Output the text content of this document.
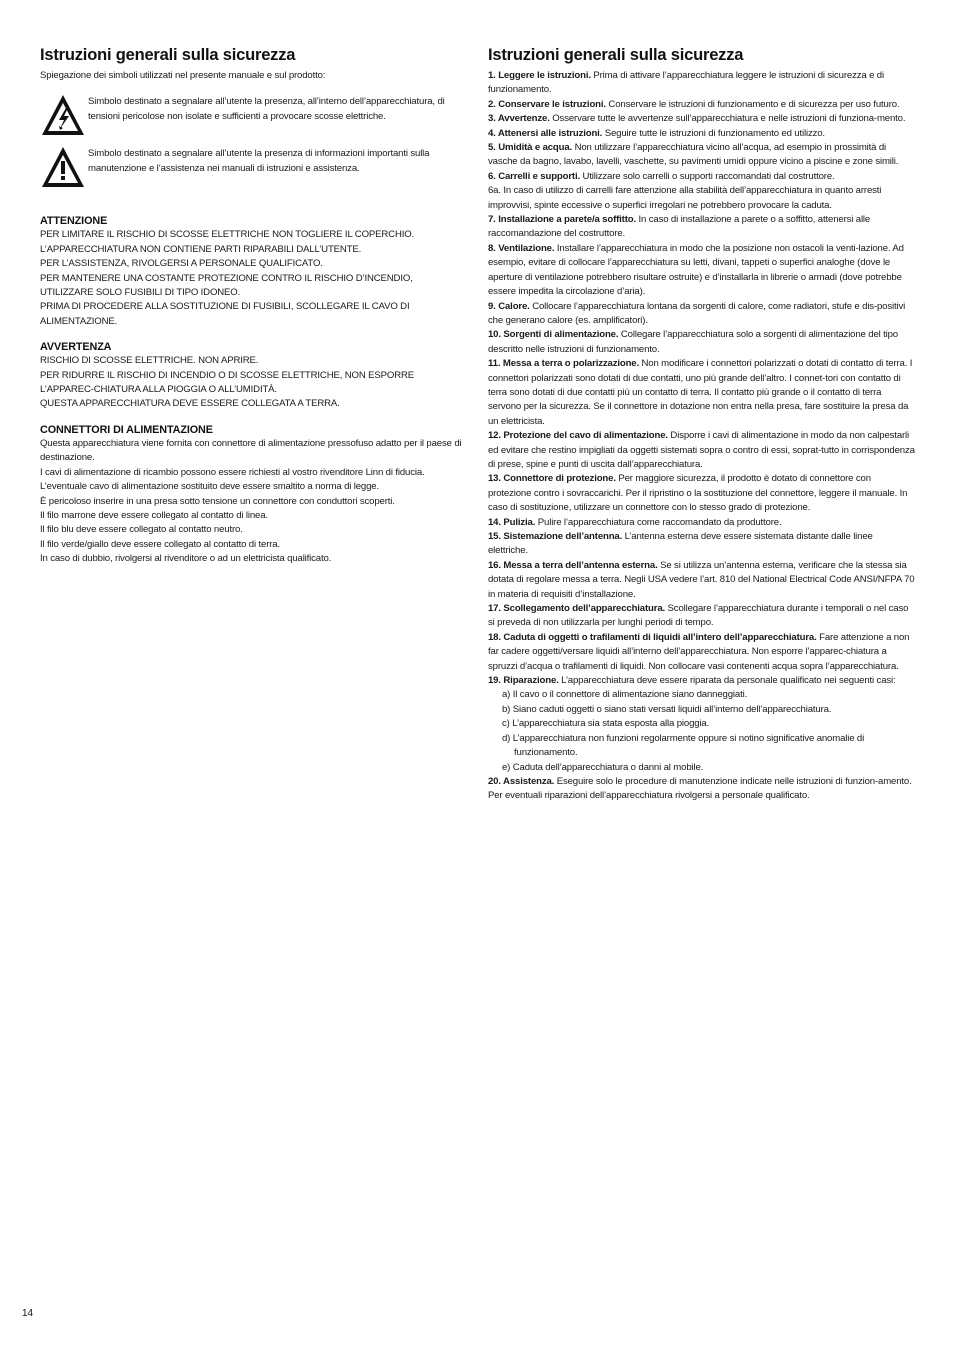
Istruzioni generali sulla sicurezza

Spiegazione dei simboli utilizzati nel presente manuale e sul prodotto:

Simbolo destinato a segnalare all’utente la presenza, all’interno dell’apparecchiatura, di tensioni pericolose non isolate e sufficienti a provocare scosse elettriche.

Simbolo destinato a segnalare all’utente la presenza di informazioni importanti sulla manutenzione e l’assistenza nei manuali di istruzioni e assistenza.

ATTENZIONE

PER LIMITARE IL RISCHIO DI SCOSSE ELETTRICHE NON TOGLIERE IL COPERCHIO.

L’APPARECCHIATURA NON CONTIENE PARTI RIPARABILI DALL’UTENTE.

PER L’ASSISTENZA, RIVOLGERSI A PERSONALE QUALIFICATO.

PER MANTENERE UNA COSTANTE PROTEZIONE CONTRO IL RISCHIO D’INCENDIO, UTILIZZARE SOLO FUSIBILI DI TIPO IDONEO.

PRIMA DI PROCEDERE ALLA SOSTITUZIONE DI FUSIBILI, SCOLLEGARE IL CAVO DI ALIMENTAZIONE.

AVVERTENZA

RISCHIO DI SCOSSE ELETTRICHE. NON APRIRE.

PER RIDURRE IL RISCHIO DI INCENDIO O DI SCOSSE ELETTRICHE, NON ESPORRE L’APPAREC-CHIATURA ALLA PIOGGIA O ALL’UMIDITÀ.

QUESTA APPARECCHIATURA DEVE ESSERE COLLEGATA A TERRA.

CONNETTORI DI ALIMENTAZIONE

Questa apparecchiatura viene fornita con connettore di alimentazione pressofuso adatto per il paese di destinazione.

I cavi di alimentazione di ricambio possono essere richiesti al vostro rivenditore Linn di fiducia.

L’eventuale cavo di alimentazione sostituito deve essere smaltito a norma di legge.

È pericoloso inserire in una presa sotto tensione un connettore con conduttori scoperti.

Il filo marrone deve essere collegato al contatto di linea.

Il filo blu deve essere collegato al contatto neutro.

Il filo verde/giallo deve essere collegato al contatto di terra.

In caso di dubbio, rivolgersi al rivenditore o ad un elettricista qualificato.

Istruzioni generali sulla sicurezza

1. Leggere le istruzioni. Prima di attivare l’apparecchiatura leggere le istruzioni di sicurezza e di funzionamento.

2. Conservare le istruzioni. Conservare le istruzioni di funzionamento e di sicurezza per uso futuro.

3. Avvertenze. Osservare tutte le avvertenze sull’apparecchiatura e nelle istruzioni di funziona-mento.

4. Attenersi alle istruzioni. Seguire tutte le istruzioni di funzionamento ed utilizzo.

5. Umidità e acqua. Non utilizzare l’apparecchiatura vicino all’acqua, ad esempio in prossimità di vasche da bagno, lavabo, lavelli, vaschette, su pavimenti umidi oppure vicino a piscine e zone simili.

6. Carrelli e supporti. Utilizzare solo carrelli o supporti raccomandati dal costruttore.

6a. In caso di utilizzo di carrelli fare attenzione alla stabilità dell’apparecchiatura in quanto arresti improvvisi, spinte eccessive o superfici irregolari ne potrebbero provocare la caduta.

7. Installazione a parete/a soffitto. In caso di installazione a parete o a soffitto, attenersi alle raccomandazione del costruttore.

8. Ventilazione. Installare l’apparecchiatura in modo che la posizione non ostacoli la venti-lazione. Ad esempio, evitare di collocare l’apparecchiatura su letti, divani, tappeti o superfici analoghe (dove le aperture di ventilazione potrebbero risultare ostruite) e d’installarla in librerie o armadi (dove potrebbe essere impedita la circolazione d’aria).

9. Calore. Collocare l’apparecchiatura lontana da sorgenti di calore, come radiatori, stufe e dis-positivi che generano calore (es. amplificatori).

10. Sorgenti di alimentazione. Collegare l’apparecchiatura solo a sorgenti di alimentazione del tipo descritto nelle istruzioni di funzionamento.

11. Messa a terra o polarizzazione. Non modificare i connettori polarizzati o dotati di contatto di terra. I connettori polarizzati sono dotati di due contatti, uno più grande dell’altro. I connet-tori con contatto di terra sono dotati di due contatti più un contatto di terra. Il contatto più grande o il contatto di terra servono per la sicurezza. Se il connettore in dotazione non entra nella presa, fare sostituire la presa da un elettricista.

12. Protezione del cavo di alimentazione. Disporre i cavi di alimentazione in modo da non calpestarli ed evitare che restino impigliati da oggetti sistemati sopra o contro di essi, soprat-tutto in corrispondenza di prese, spine e punti di uscita dall’apparecchiatura.

13. Connettore di protezione. Per maggiore sicurezza, il prodotto è dotato di connettore con protezione contro i sovraccarichi. Per il ripristino o la sostituzione del connettore, leggere il manuale. In caso di sostituzione, utilizzare un connettore con lo stesso grado di protezione.

14. Pulizia. Pulire l’apparecchiatura come raccomandato da produttore.

15. Sistemazione dell’antenna. L’antenna esterna deve essere sistemata distante dalle linee elettriche.

16. Messa a terra dell’antenna esterna. Se si utilizza un’antenna esterna, verificare che la stessa sia dotata di regolare messa a terra. Negli USA vedere l’art. 810 del National Electrical Code ANSI/NFPA 70 in materia di requisiti d’installazione.

17. Scollegamento dell’apparecchiatura. Scollegare l’apparecchiatura durante i temporali o nel caso si preveda di non utilizzarla per lunghi periodi di tempo.

18. Caduta di oggetti o trafilamenti di liquidi all’intero dell’apparecchiatura. Fare attenzione a non far cadere oggetti/versare liquidi all’interno dell’apparecchiatura. Non esporre l’apparec-chiatura a spruzzi d’acqua o trafilamenti di liquidi. Non collocare vasi contenenti acqua sopra l’apparecchiatura.

19. Riparazione. L’apparecchiatura deve essere riparata da personale qualificato nei seguenti casi:

a) Il cavo o il connettore di alimentazione siano danneggiati.

b) Siano caduti oggetti o siano stati versati liquidi all’interno dell’apparecchiatura.

c) L’apparecchiatura sia stata esposta alla pioggia.

d) L’apparecchiatura non funzioni regolarmente oppure si notino significative anomalie di funzionamento.

e) Caduta dell’apparecchiatura o danni al mobile.

20. Assistenza. Eseguire solo le procedure di manutenzione indicate nelle istruzioni di funzion-amento. Per eventuali riparazioni dell’apparecchiatura rivolgersi a personale qualificato.

14
